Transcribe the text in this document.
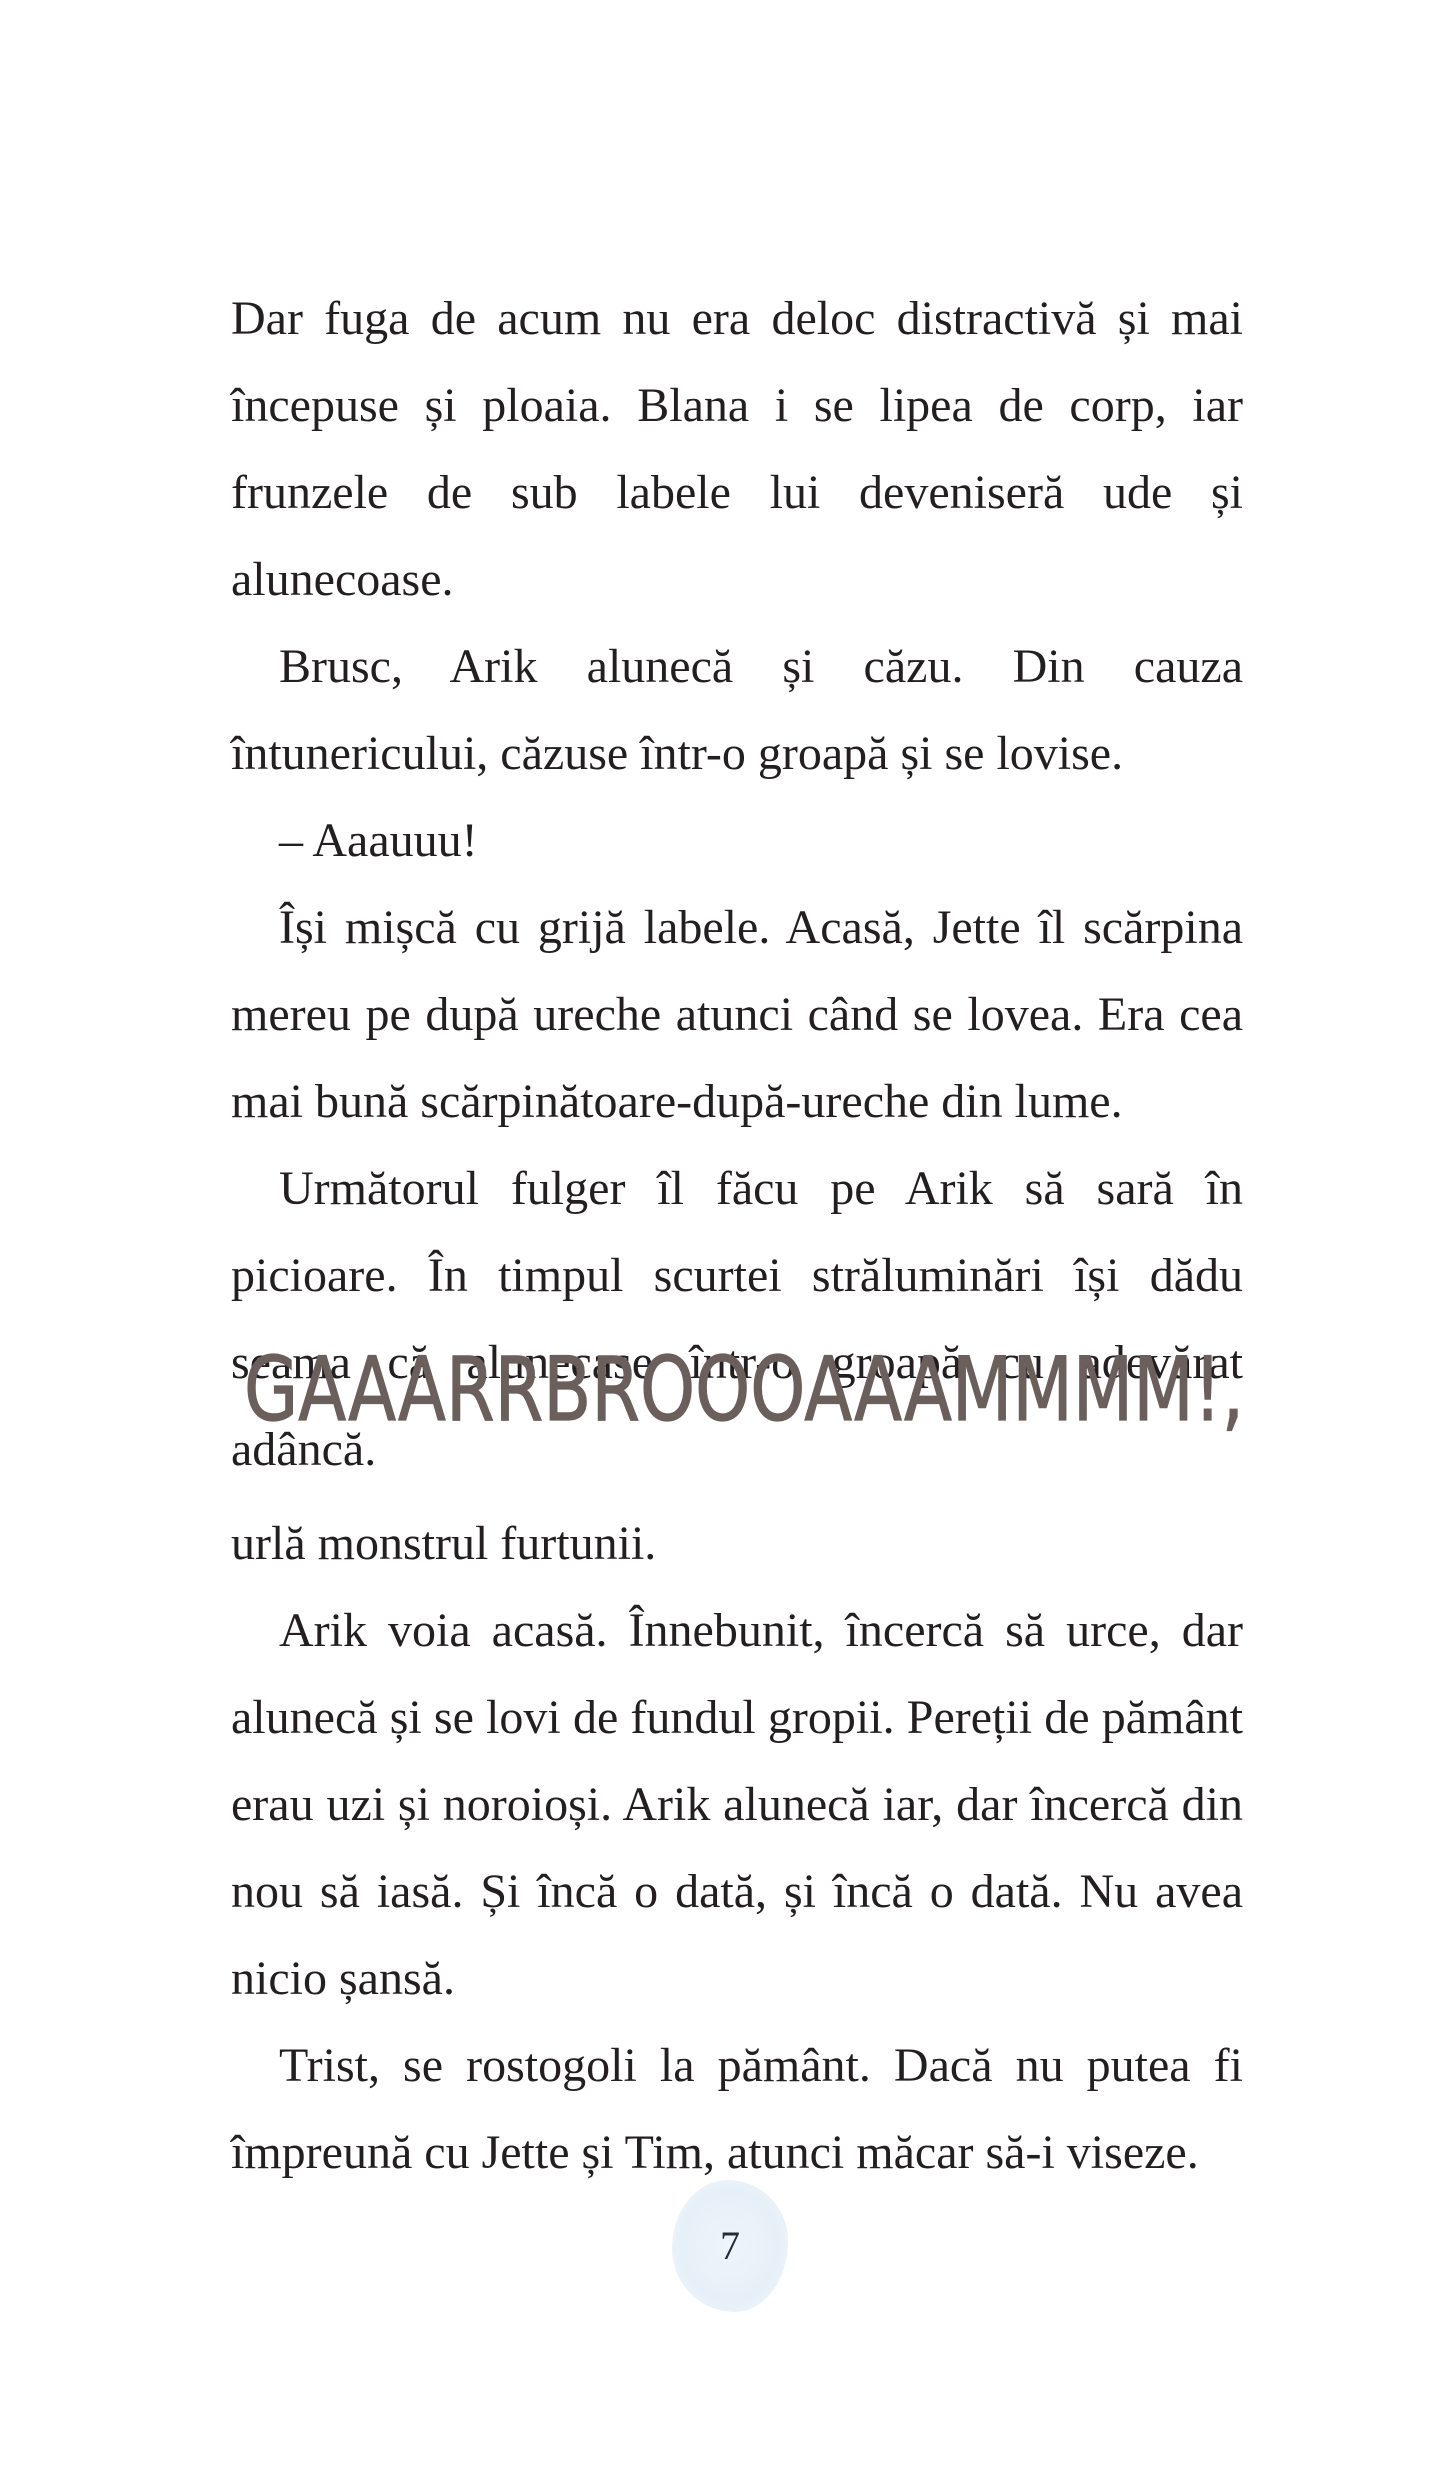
Dar fuga de acum nu era deloc distractivă și mai începuse și ploaia. Blana i se lipea de corp, iar frunzele de sub labele lui deveniseră ude și alunecoase.

Brusc, Arik alunecă și căzu. Din cauza întunericului, căzuse într-o groapă și se lovise.

– Aaauuu!

Își mișcă cu grijă labele. Acasă, Jette îl scărpina mereu pe după ureche atunci când se lovea. Era cea mai bună scărpinătoare-după-ureche din lume.

Următorul fulger îl făcu pe Arik să sară în picioare. În timpul scurtei străluminări își dădu seama că alunecase într-o groapă cu adevărat adâncă.

GAAARRBROOOAAAMMMM!,

urlă monstrul furtunii.

Arik voia acasă. Înnebunit, încercă să urce, dar alunecă și se lovi de fundul gropii. Pereții de pământ erau uzi și noroioși. Arik alunecă iar, dar încercă din nou să iasă. Și încă o dată, și încă o dată. Nu avea nicio șansă.

Trist, se rostogoli la pământ. Dacă nu putea fi împreună cu Jette și Tim, atunci măcar să-i viseze.

7
